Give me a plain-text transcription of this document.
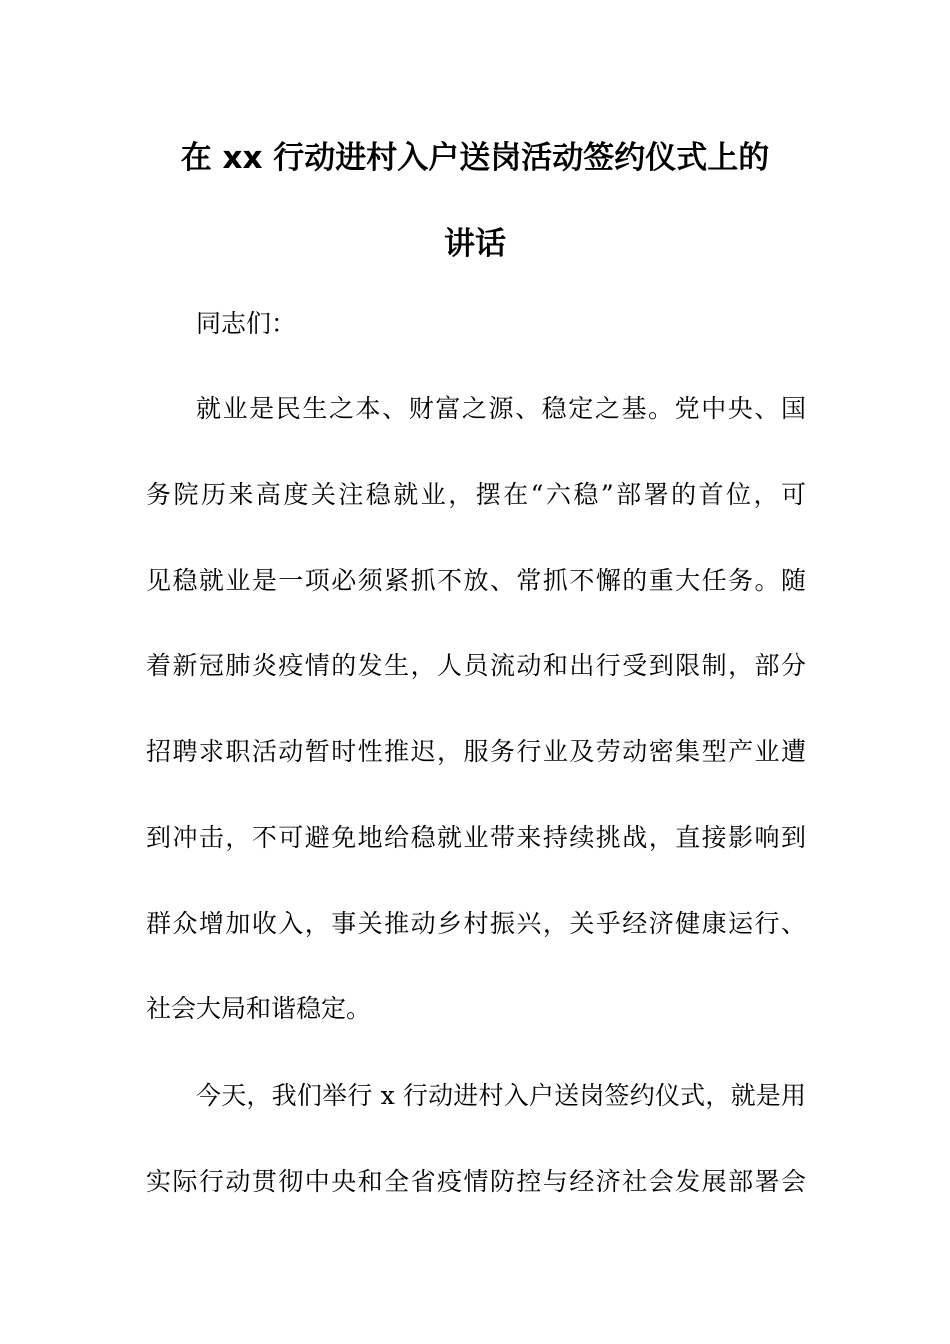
在 xx 行动进村入户送岗活动签约仪式上的
讲话

同志们：

就业是民生之本、财富之源、稳定之基。党中央、国

务院历来高度关注稳就业，摆在“六稳”部署的首位，可

见稳就业是一项必须紧抓不放、常抓不懈的重大任务。随

着新冠肺炎疫情的发生，人员流动和出行受到限制，部分

招聘求职活动暂时性推迟，服务行业及劳动密集型产业遭

到冲击，不可避免地给稳就业带来持续挑战，直接影响到

群众增加收入，事关推动乡村振兴，关乎经济健康运行、

社会大局和谐稳定。

今天，我们举行 x 行动进村入户送岗签约仪式，就是用

实际行动贯彻中央和全省疫情防控与经济社会发展部署会
